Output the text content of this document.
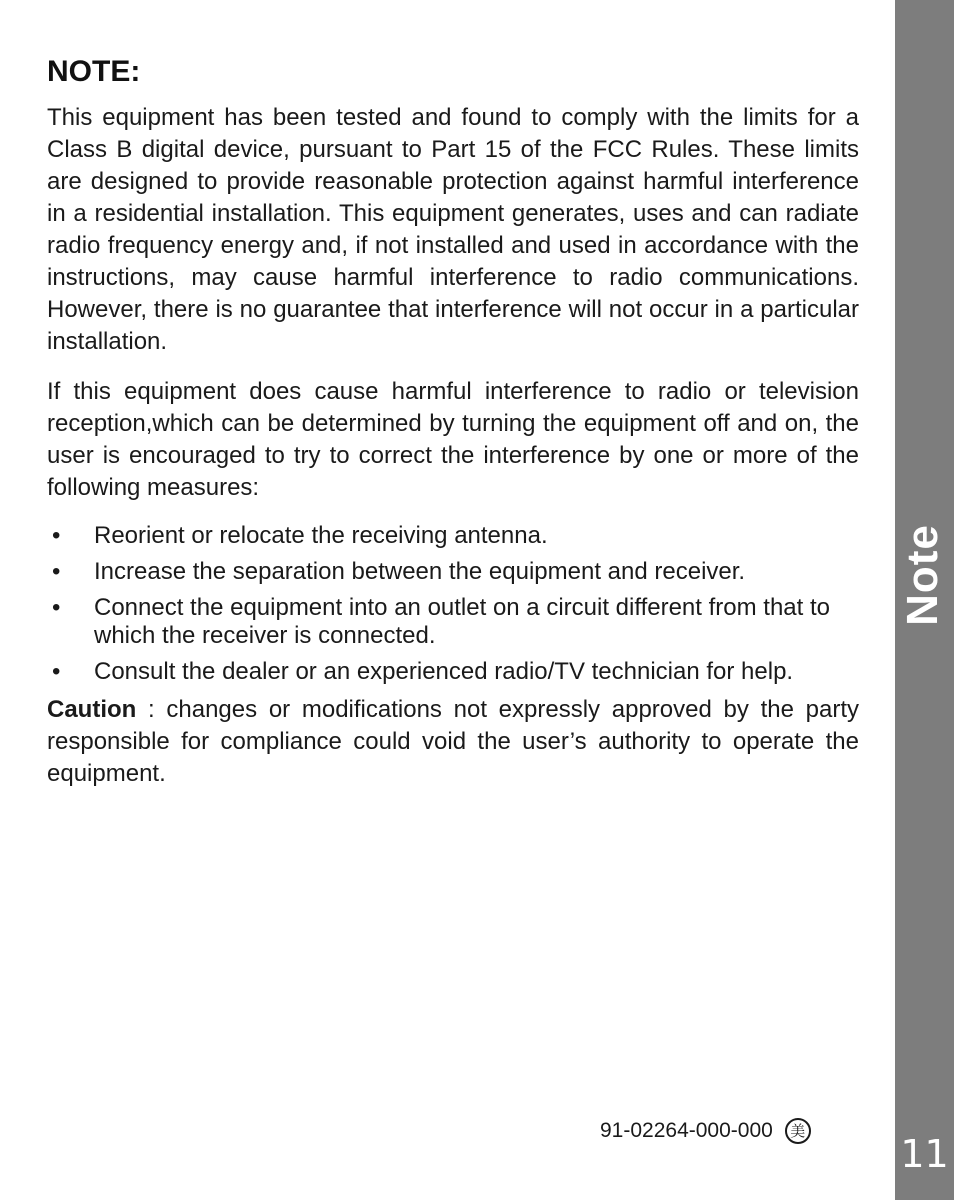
NOTE:

This equipment has been tested and found to comply with the limits for a Class B digital device, pursuant to Part 15 of the FCC Rules. These limits are designed to provide reasonable protection against harmful interference in a residential installation. This equipment generates, uses and can radiate radio frequency energy and, if not installed and used in accordance with the instructions, may cause harmful interference to radio communications. However, there is no guarantee that interference will not occur in a particular installation.

If this equipment does cause harmful interference to radio or television reception,which can be determined by turning the equipment off and on, the user is encouraged to try to correct the interference by one or more of the following measures:

• Reorient or relocate the receiving antenna.
• Increase the separation between the equipment and receiver.
• Connect the equipment into an outlet on a circuit different from that to which the receiver is connected.
• Consult the dealer or an experienced radio/TV technician for help.

Caution : changes or modifications not expressly approved by the party responsible for compliance could void the user’s authority to operate the equipment.

91-02264-000-000	美
Note
11
